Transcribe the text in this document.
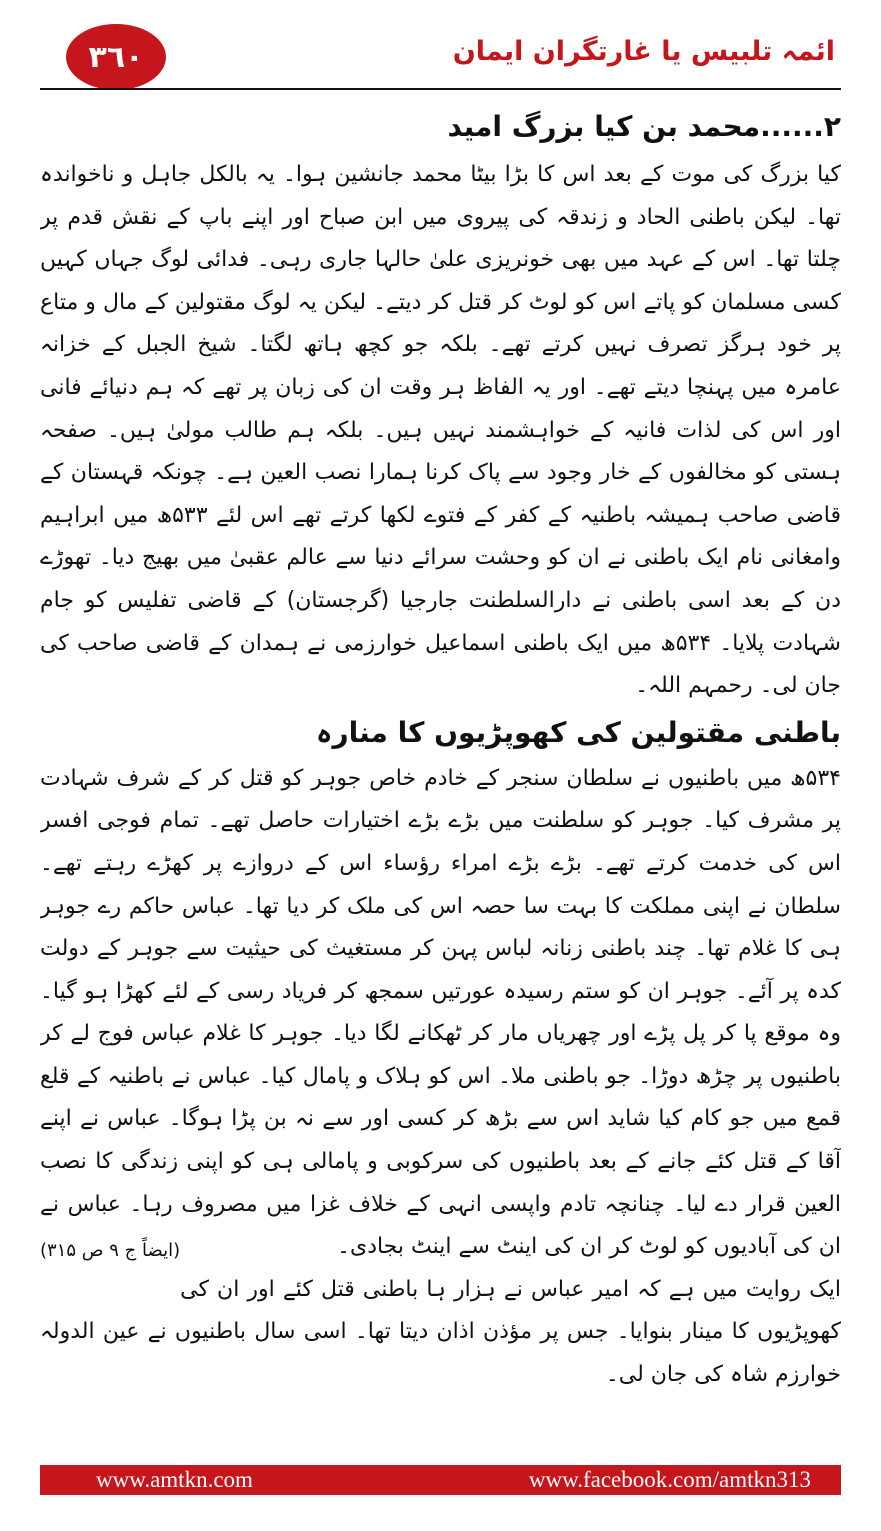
٣٦٠	ائمہ تلبیس یا غارتگران ایمان
۲......محمد بن کیا بزرگ امید

کیا بزرگ کی موت کے بعد اس کا بڑا بیٹا محمد جانشین ہوا۔ یہ بالکل جاہل و ناخواندہ تھا۔ لیکن باطنی الحاد و زندقہ کی پیروی میں ابن صباح اور اپنے باپ کے نقش قدم پر چلتا تھا۔ اس کے عہد میں بھی خونریزی علیٰ حالہا جاری رہی۔ فدائی لوگ جہاں کہیں کسی مسلمان کو پاتے اس کو لوٹ کر قتل کر دیتے۔ لیکن یہ لوگ مقتولین کے مال و متاع پر خود ہرگز تصرف نہیں کرتے تھے۔ بلکہ جو کچھ ہاتھ لگتا۔ شیخ الجبل کے خزانہ عامرہ میں پہنچا دیتے تھے۔ اور یہ الفاظ ہر وقت ان کی زبان پر تھے کہ ہم دنیائے فانی اور اس کی لذات فانیہ کے خواہشمند نہیں ہیں۔ بلکہ ہم طالب مولیٰ ہیں۔ صفحہ ہستی کو مخالفوں کے خار وجود سے پاک کرنا ہمارا نصب العین ہے۔ چونکہ قہستان کے قاضی صاحب ہمیشہ باطنیہ کے کفر کے فتوے لکھا کرتے تھے اس لئے ۵۳۳ھ میں ابراہیم وامغانی نام ایک باطنی نے ان کو وحشت سرائے دنیا سے عالم عقبیٰ میں بھیج دیا۔ تھوڑے دن کے بعد اسی باطنی نے دارالسلطنت جارجیا (گرجستان) کے قاضی تفلیس کو جام شہادت پلایا۔ ۵۳۴ھ میں ایک باطنی اسماعیل خوارزمی نے ہمدان کے قاضی صاحب کی جان لی۔ رحمہم اللہ۔

باطنی مقتولین کی کھوپڑیوں کا منارہ

۵۳۴ھ میں باطنیوں نے سلطان سنجر کے خادم خاص جوہر کو قتل کر کے شرف شہادت پر مشرف کیا۔ جوہر کو سلطنت میں بڑے بڑے اختیارات حاصل تھے۔ تمام فوجی افسر اس کی خدمت کرتے تھے۔ بڑے بڑے امراء رؤساء اس کے دروازے پر کھڑے رہتے تھے۔ سلطان نے اپنی مملکت کا بہت سا حصہ اس کی ملک کر دیا تھا۔ عباس حاکم رے جوہر ہی کا غلام تھا۔ چند باطنی زنانہ لباس پہن کر مستغیث کی حیثیت سے جوہر کے دولت کدہ پر آئے۔ جوہر ان کو ستم رسیدہ عورتیں سمجھ کر فریاد رسی کے لئے کھڑا ہو گیا۔ وہ موقع پا کر پل پڑے اور چھریاں مار کر ٹھکانے لگا دیا۔ جوہر کا غلام عباس فوج لے کر باطنیوں پر چڑھ دوڑا۔ جو باطنی ملا۔ اس کو ہلاک و پامال کیا۔ عباس نے باطنیہ کے قلع قمع میں جو کام کیا شاید اس سے بڑھ کر کسی اور سے نہ بن پڑا ہوگا۔ عباس نے اپنے آقا کے قتل کئے جانے کے بعد باطنیوں کی سرکوبی و پامالی ہی کو اپنی زندگی کا نصب العین قرار دے لیا۔ چنانچہ تادم واپسی انہی کے خلاف غزا میں مصروف رہا۔ عباس نے ان کی آبادیوں کو لوٹ کر ان کی اینٹ سے اینٹ بجادی۔
(ایضاً ج ۹ ص ۳۱۵)

ایک روایت میں ہے کہ امیر عباس نے ہزار ہا باطنی قتل کئے اور ان کی کھوپڑیوں کا مینار بنوایا۔ جس پر مؤذن اذان دیتا تھا۔ اسی سال باطنیوں نے عین الدولہ خوارزم شاہ کی جان لی۔

www.amtkn.com	www.facebook.com/amtkn313
